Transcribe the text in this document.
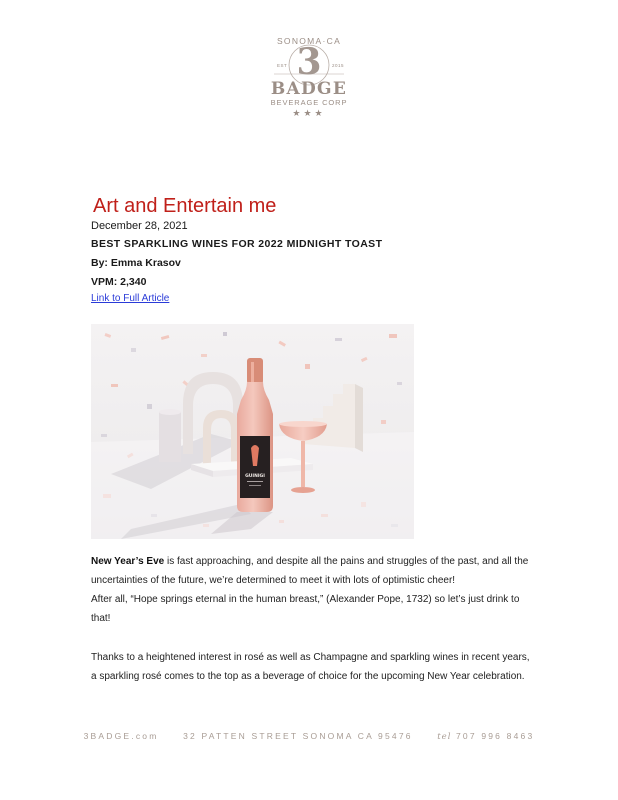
SONOMA·CA
EST	2015
3
BADGE
BEVERAGE CORP
★★★
Art and Entertain me
December 28, 2021
BEST SPARKLING WINES FOR 2022 MIDNIGHT TOAST
By: Emma Krasov
VPM: 2,340
Link to Full Article
GUINIGI

New Year’s Eve is fast approaching, and despite all the pains and struggles of the past, and all the uncertainties of the future, we’re determined to meet it with lots of optimistic cheer!
After all, “Hope springs eternal in the human breast,” (Alexander Pope, 1732) so let’s just drink to that!

Thanks to a heightened interest in rosé as well as Champagne and sparkling wines in recent years, a sparkling rosé comes to the top as a beverage of choice for the upcoming New Year celebration.

3BADGE.com	32 PATTEN STREET SONOMA CA 95476	tel 707 996 8463
